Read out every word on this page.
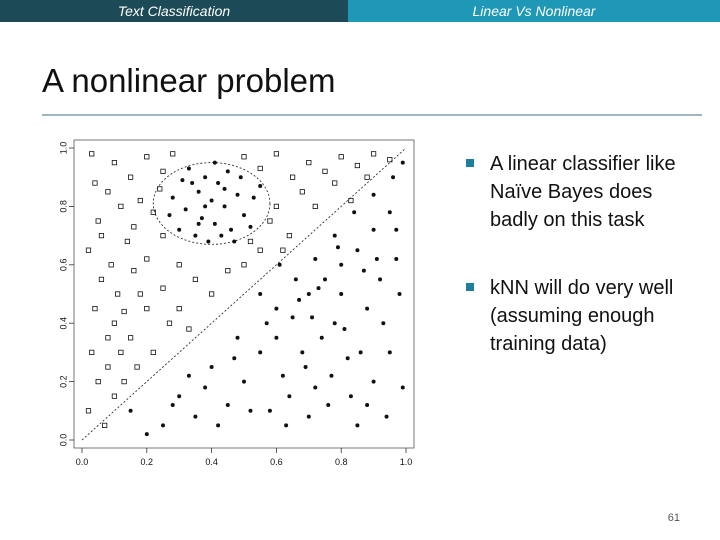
Text Classification	Linear Vs Nonlinear
A nonlinear problem
0.0	0.2	0.4	0.6	0.8	1.0
0.0
0.2
0.4
0.6
0.8
1.0
A linear classifier like Naïve Bayes does badly on this task
kNN will do very well (assuming enough training data)
61
